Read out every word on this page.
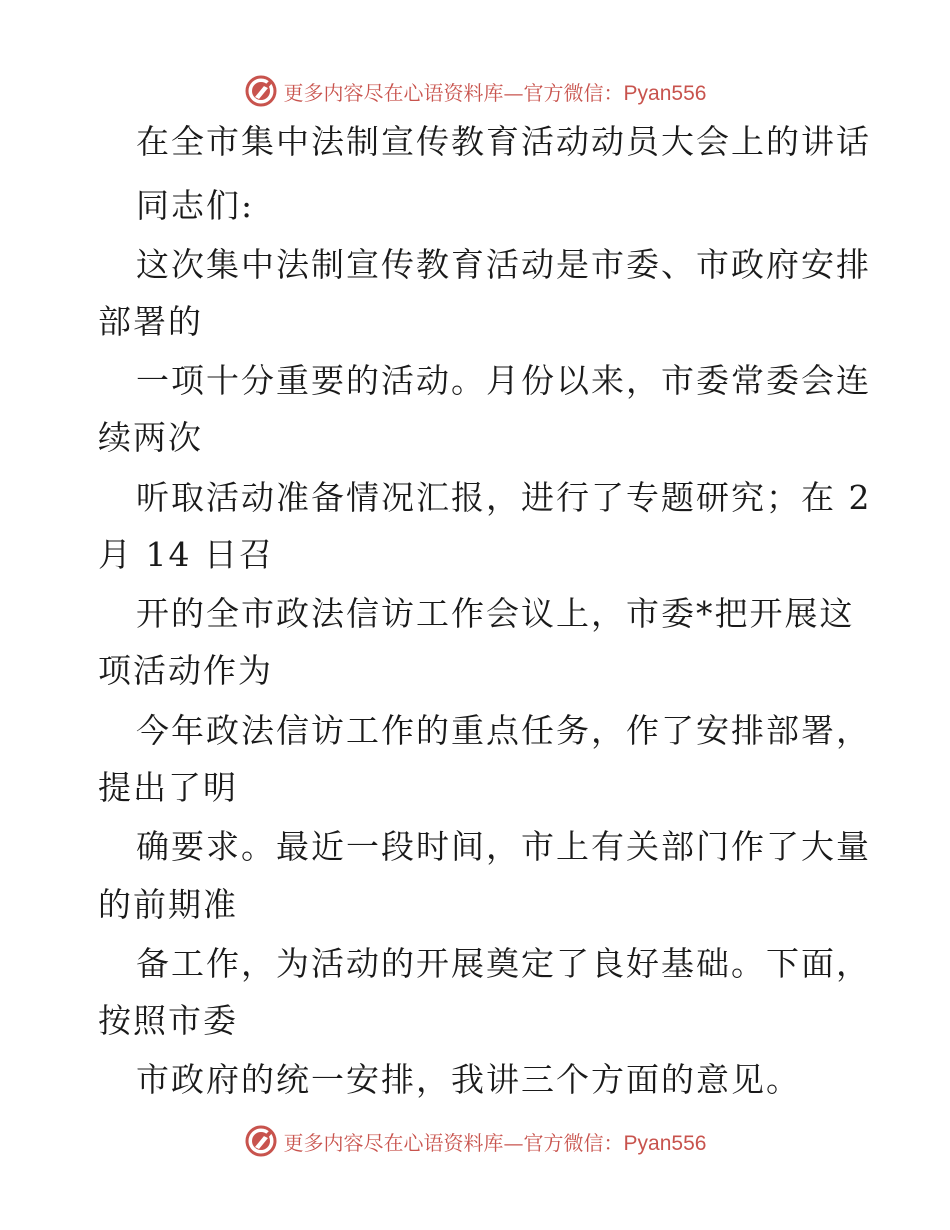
更多内容尽在心语资料库—官方微信：Pyan556
在全市集中法制宣传教育活动动员大会上的讲话
同志们:
这次集中法制宣传教育活动是市委、市政府安排
部署的
一项十分重要的活动。月份以来，市委常委会连
续两次
听取活动准备情况汇报，进行了专题研究；在 2
月 14 日召
开的全市政法信访工作会议上，市委*把开展这
项活动作为
今年政法信访工作的重点任务，作了安排部署，
提出了明
确要求。最近一段时间，市上有关部门作了大量
的前期准
备工作，为活动的开展奠定了良好基础。下面，
按照市委
市政府的统一安排，我讲三个方面的意见。
更多内容尽在心语资料库—官方微信：Pyan556
